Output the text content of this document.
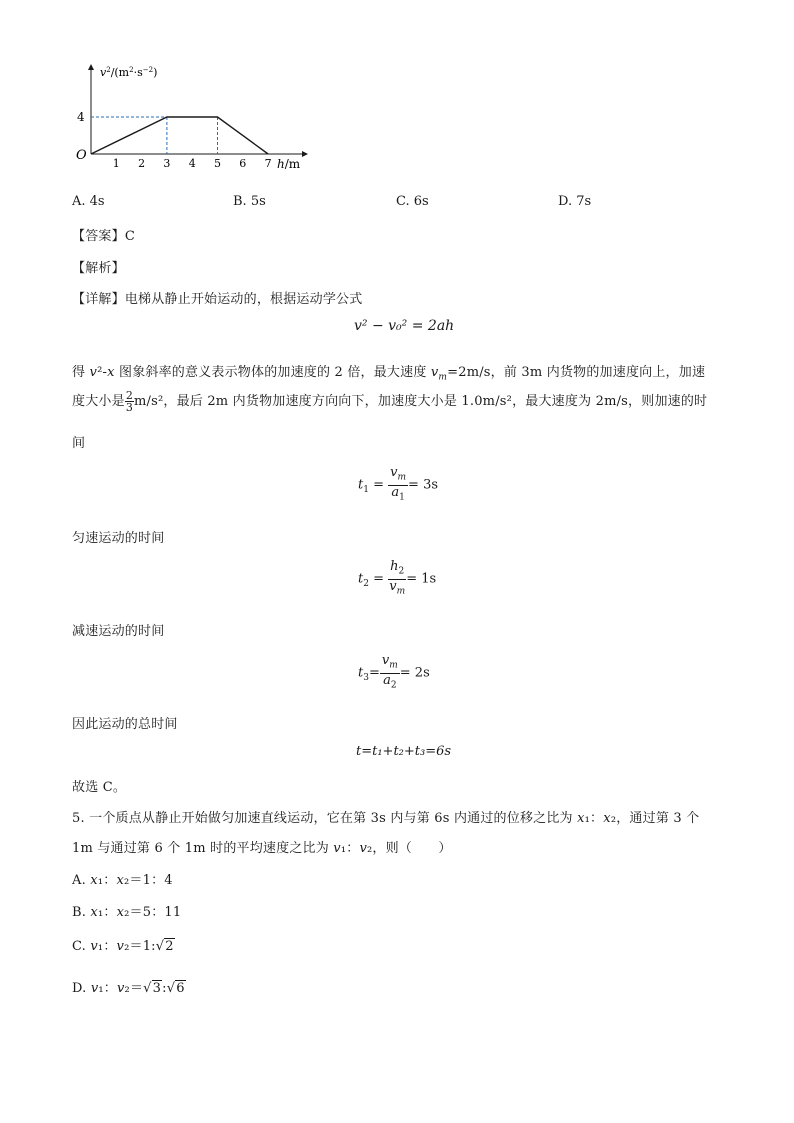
1 2 3 4 5 6 7
4
$v^2/(m^2\cdot s^{-2})$
h/m
O
A. 4s	B. 5s	C. 6s	D. 7s
【答案】C
【解析】
【详解】电梯从静止开始运动的，根据运动学公式
v² − v₀² = 2ah
得 v²-x 图象斜率的意义表示物体的加速度的 2 倍，最大速度 $v_m=2m/s$，前 3m 内货物的加速度向上，加速
度大小是 $\frac{2}{3} m/s^2$，最后 2m 内货物加速度方向向下，加速度大小是 1.0m/s²，最大速度为 2m/s，则加速的时
间
$t_1 = \frac{v_m}{a_1} = 3s$
匀速运动的时间
$t_2 = \frac{h_2}{v_m} = 1s$
减速运动的时间
$t_3= \frac{v_m}{a_2} = 2s$
因此运动的总时间
t=t₁+t₂+t₃=6s
故选 C。
5. 一个质点从静止开始做匀加速直线运动，它在第 3s 内与第 6s 内通过的位移之比为 x₁：x₂，通过第 3 个
1m 与通过第 6 个 1m 时的平均速度之比为 v₁：v₂，则（　　）
A. x₁：x₂＝1：4
B. x₁：x₂＝5：11
C. v₁：v₂＝1:√2
D. v₁：v₂＝√3:√6
